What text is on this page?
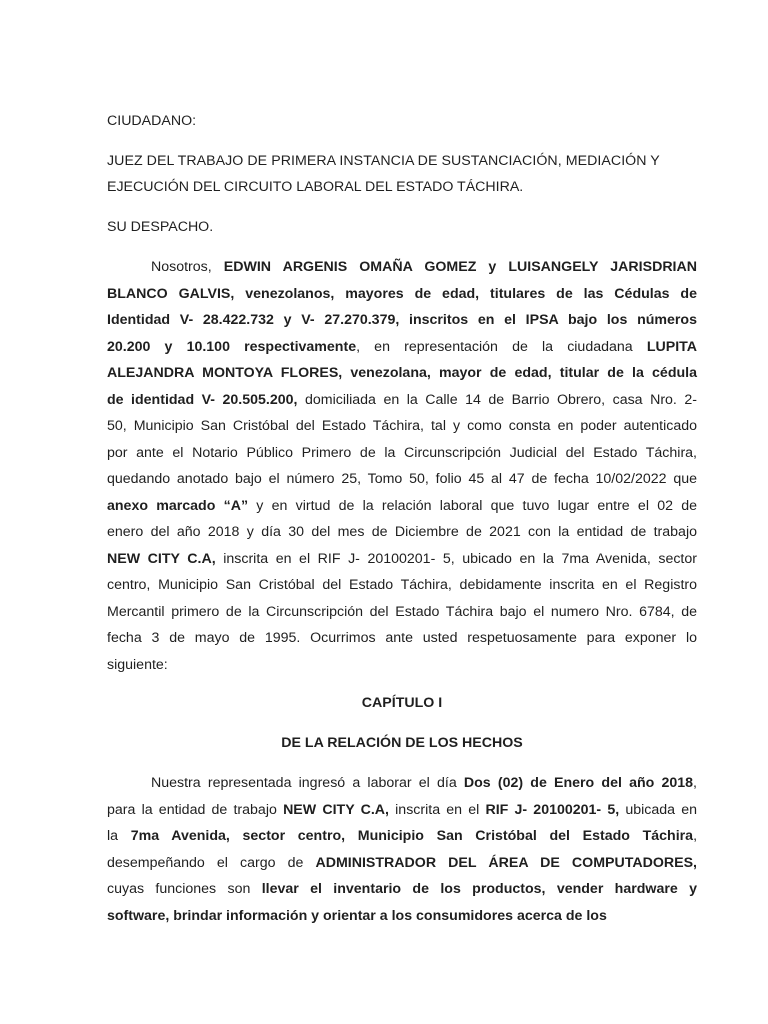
CIUDADANO:

JUEZ DEL TRABAJO DE PRIMERA INSTANCIA DE SUSTANCIACIÓN, MEDIACIÓN Y

EJECUCIÓN DEL CIRCUITO LABORAL DEL ESTADO TÁCHIRA.

SU DESPACHO.

Nosotros, EDWIN ARGENIS OMAÑA GOMEZ y LUISANGELY JARISDRIAN
BLANCO GALVIS, venezolanos, mayores de edad, titulares de las Cédulas de
Identidad V- 28.422.732 y V- 27.270.379, inscritos en el IPSA bajo los números
20.200 y 10.100 respectivamente, en representación de la ciudadana LUPITA
ALEJANDRA MONTOYA FLORES, venezolana, mayor de edad, titular de la cédula
de identidad V- 20.505.200, domiciliada en la Calle 14 de Barrio Obrero, casa Nro. 2-
50, Municipio San Cristóbal del Estado Táchira, tal y como consta en poder autenticado
por ante el Notario Público Primero de la Circunscripción Judicial del Estado Táchira,
quedando anotado bajo el número 25, Tomo 50, folio 45 al 47 de fecha 10/02/2022 que
anexo marcado “A” y en virtud de la relación laboral que tuvo lugar entre el 02 de
enero del año 2018 y día 30 del mes de Diciembre de 2021 con la entidad de trabajo
NEW CITY C.A, inscrita en el RIF J- 20100201- 5, ubicado en la 7ma Avenida, sector
centro, Municipio San Cristóbal del Estado Táchira, debidamente inscrita en el Registro
Mercantil primero de la Circunscripción del Estado Táchira bajo el numero Nro. 6784, de
fecha 3 de mayo de 1995. Ocurrimos ante usted respetuosamente para exponer lo
siguiente:

CAPÍTULO I

DE LA RELACIÓN DE LOS HECHOS

Nuestra representada ingresó a laborar el día Dos (02) de Enero del año 2018,
para la entidad de trabajo NEW CITY C.A, inscrita en el RIF J- 20100201- 5, ubicada en
la 7ma Avenida, sector centro, Municipio San Cristóbal del Estado Táchira,
desempeñando el cargo de ADMINISTRADOR DEL ÁREA DE COMPUTADORES,
cuyas funciones son llevar el inventario de los productos, vender hardware y
software, brindar información y orientar a los consumidores acerca de los
